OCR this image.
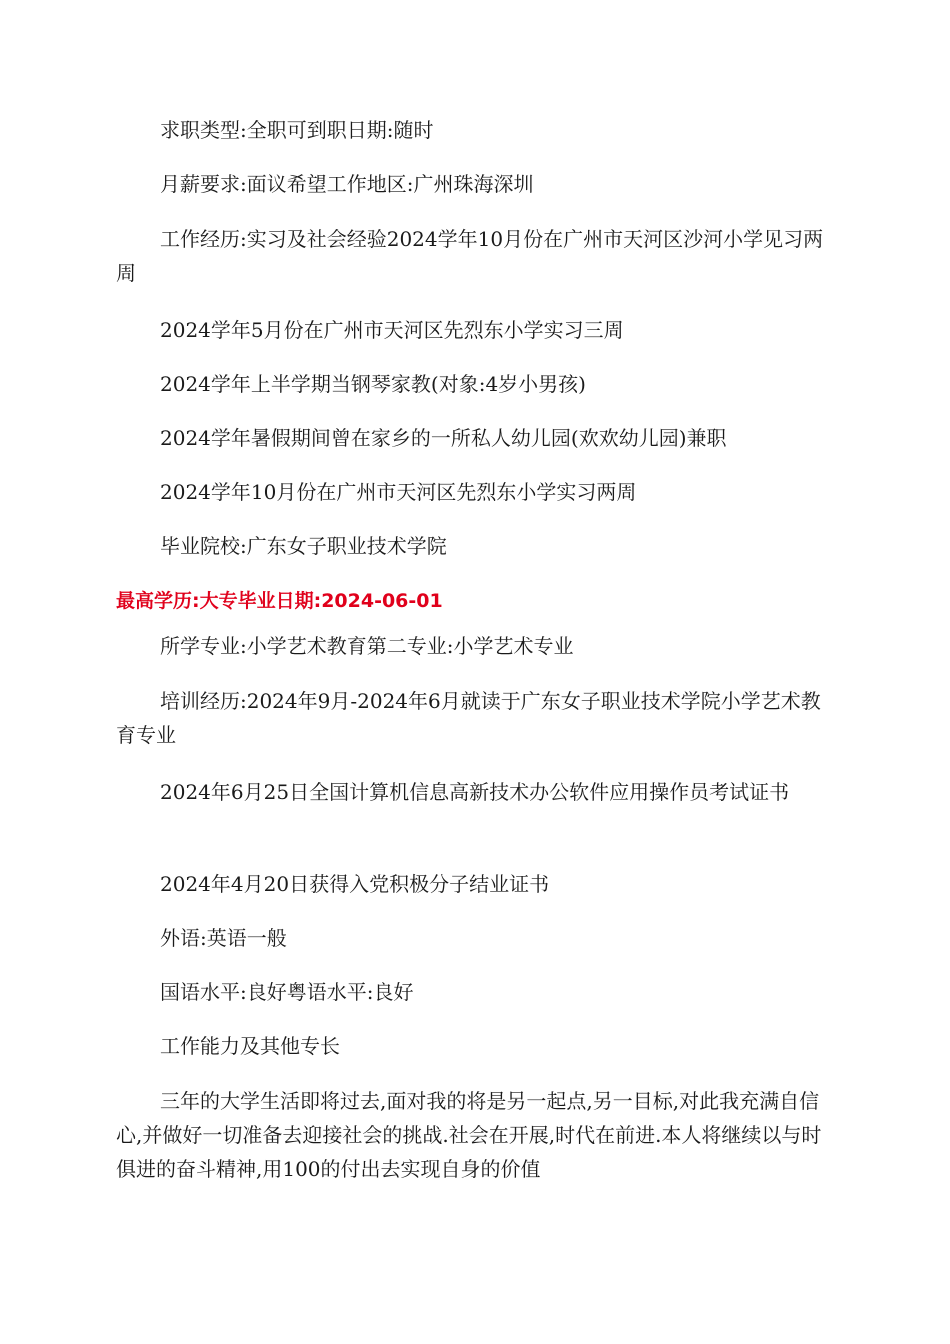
求职类型:全职可到职日期:随时

月薪要求:面议希望工作地区:广州珠海深圳

工作经历:实习及社会经验2024学年10月份在广州市天河区沙河小学见习两周

2024学年5月份在广州市天河区先烈东小学实习三周

2024学年上半学期当钢琴家教(对象:4岁小男孩)

2024学年暑假期间曾在家乡的一所私人幼儿园(欢欢幼儿园)兼职

2024学年10月份在广州市天河区先烈东小学实习两周

毕业院校:广东女子职业技术学院

最高学历:大专毕业日期:2024-06-01

所学专业:小学艺术教育第二专业:小学艺术专业

培训经历:2024年9月-2024年6月就读于广东女子职业技术学院小学艺术教育专业

2024年6月25日全国计算机信息高新技术办公软件应用操作员考试证书

2024年4月20日获得入党积极分子结业证书

外语:英语一般

国语水平:良好粤语水平:良好

工作能力及其他专长

三年的大学生活即将过去,面对我的将是另一起点,另一目标,对此我充满自信心,并做好一切准备去迎接社会的挑战.社会在开展,时代在前进.本人将继续以与时俱进的奋斗精神,用100的付出去实现自身的价值
